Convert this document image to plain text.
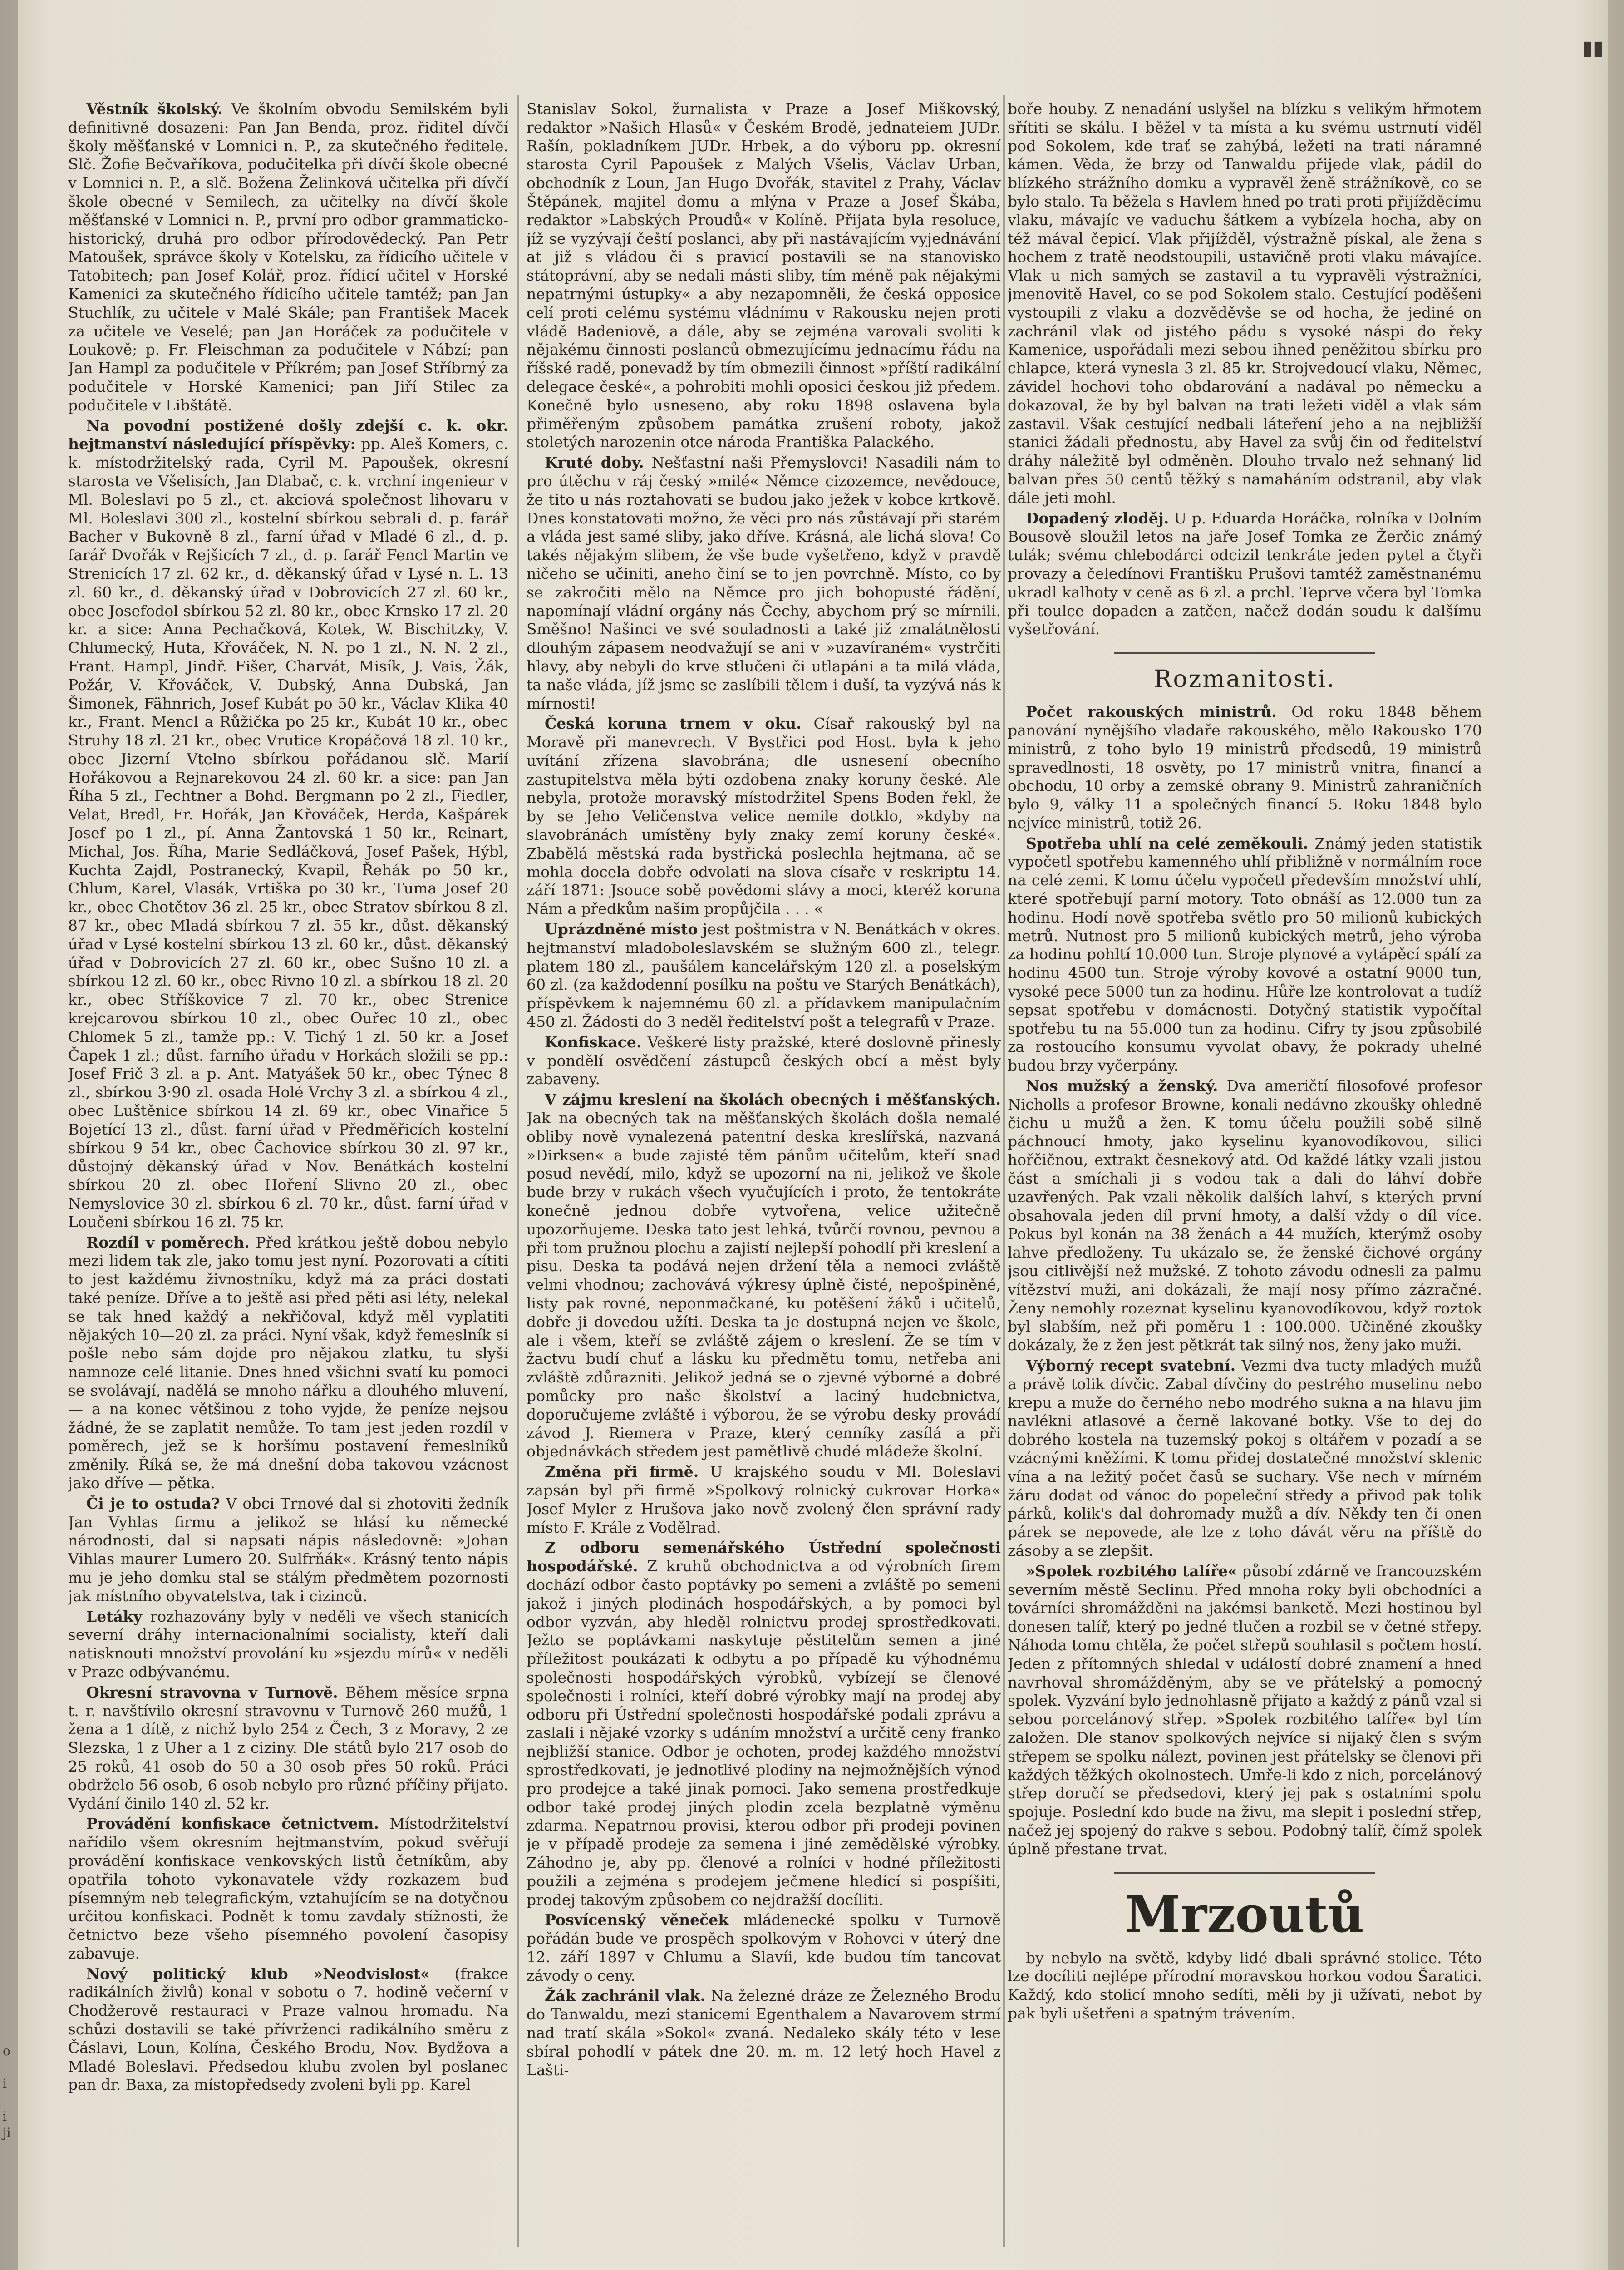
▮▮
o

i

i
ji

Věstník školský. Ve školním obvodu Semilském byli definitivně dosazeni: Pan Jan Benda, proz. řiditel dívčí školy měšťanské v Lomnici n. P., za skutečného ředitele. Slč. Žofie Bečvaříkova, podučitelka při dívčí škole obecné v Lomnici n. P., a slč. Božena Želinková učitelka při dívčí škole obecné v Semilech, za učitelky na dívčí škole měšťanské v Lomnici n. P., první pro odbor grammaticko-historický, druhá pro odbor přírodovědecký. Pan Petr Matoušek, správce školy v Kotelsku, za řídicího učitele v Tatobitech; pan Josef Kolář, proz. řídicí učitel v Horské Kamenici za skutečného řídicího učitele tamtéž; pan Jan Stuchlík, zu učitele v Malé Skále; pan František Macek za učitele ve Veselé; pan Jan Horáček za podučitele v Loukově; p. Fr. Fleischman za podučitele v Nábzí; pan Jan Hampl za podučitele v Příkrém; pan Josef Stříbrný za podučitele v Horské Kamenici; pan Jiří Stilec za podučitele v Libštátě.

Na povodní postižené došly zdejší c. k. okr. hejtmanství následující příspěvky: pp. Aleš Komers, c. k. místodržitelský rada, Cyril M. Papoušek, okresní starosta ve Všelisích, Jan Dlabač, c. k. vrchní ingenieur v Ml. Boleslavi po 5 zl., ct. akciová společnost lihovaru v Ml. Boleslavi 300 zl., kostelní sbírkou sebrali d. p. farář Bacher v Bukovně 8 zl., farní úřad v Mladé 6 zl., d. p. farář Dvořák v Rejšicích 7 zl., d. p. farář Fencl Martin ve Strenicích 17 zl. 62 kr., d. děkanský úřad v Lysé n. L. 13 zl. 60 kr., d. děkanský úřad v Dobrovicích 27 zl. 60 kr., obec Josefodol sbírkou 52 zl. 80 kr., obec Krnsko 17 zl. 20 kr. a sice: Anna Pechačková, Kotek, W. Bischitzky, V. Chlumecký, Huta, Křováček, N. N. po 1 zl., N. N. 2 zl., Frant. Hampl, Jindř. Fišer, Charvát, Misík, J. Vais, Žák, Požár, V. Křováček, V. Dubský, Anna Dubská, Jan Šimonek, Fähnrich, Josef Kubát po 50 kr., Václav Klika 40 kr., Frant. Mencl a Růžička po 25 kr., Kubát 10 kr., obec Struhy 18 zl. 21 kr., obec Vrutice Kropáčová 18 zl. 10 kr., obec Jizerní Vtelno sbírkou pořádanou slč. Marií Hořákovou a Rejnarekovou 24 zl. 60 kr. a sice: pan Jan Říha 5 zl., Fechtner a Bohd. Bergmann po 2 zl., Fiedler, Velat, Bredl, Fr. Hořák, Jan Křováček, Herda, Kašpárek Josef po 1 zl., pí. Anna Žantovská 1 50 kr., Reinart, Michal, Jos. Říha, Marie Sedláčková, Josef Pašek, Hýbl, Kuchta Zajdl, Postranecký, Kvapil, Řehák po 50 kr., Chlum, Karel, Vlasák, Vrtiška po 30 kr., Tuma Josef 20 kr., obec Chotětov 36 zl. 25 kr., obec Stratov sbírkou 8 zl. 87 kr., obec Mladá sbírkou 7 zl. 55 kr., důst. děkanský úřad v Lysé kostelní sbírkou 13 zl. 60 kr., důst. děkanský úřad v Dobrovicích 27 zl. 60 kr., obec Sušno 10 zl. a sbírkou 12 zl. 60 kr., obec Rivno 10 zl. a sbírkou 18 zl. 20 kr., obec Stříškovice 7 zl. 70 kr., obec Strenice krejcarovou sbírkou 10 zl., obec Ouřec 10 zl., obec Chlomek 5 zl., tamže pp.: V. Tichý 1 zl. 50 kr. a Josef Čapek 1 zl.; důst. farního úřadu v Horkách složili se pp.: Josef Frič 3 zl. a p. Ant. Matyášek 50 kr., obec Týnec 8 zl., sbírkou 3·90 zl. osada Holé Vrchy 3 zl. a sbírkou 4 zl., obec Luštěnice sbírkou 14 zl. 69 kr., obec Vinařice 5 Bojetící 13 zl., důst. farní úřad v Předměřicích kostelní sbírkou 9 54 kr., obec Čachovice sbírkou 30 zl. 97 kr., důstojný děkanský úřad v Nov. Benátkách kostelní sbírkou 20 zl. obec Hoření Slivno 20 zl., obec Nemyslovice 30 zl. sbírkou 6 zl. 70 kr., důst. farní úřad v Loučeni sbírkou 16 zl. 75 kr.

Rozdíl v poměrech. Před krátkou ještě dobou nebylo mezi lidem tak zle, jako tomu jest nyní. Pozorovati a cítiti to jest každému živnostníku, když má za práci dostati také peníze. Dříve a to ještě asi před pěti asi léty, nelekal se tak hned každý a nekřičoval, když měl vyplatiti nějakých 10—20 zl. za práci. Nyní však, když řemeslník si pošle nebo sám dojde pro nějakou zlatku, tu slyší namnoze celé litanie. Dnes hned všichni svatí ku pomoci se svolávají, nadělá se mnoho nářku a dlouhého mluvení, — a na konec většinou z toho vyjde, že peníze nejsou žádné, že se zaplatit nemůže. To tam jest jeden rozdíl v poměrech, jež se k horšímu postavení řemeslníků změnily. Říká se, že má dnešní doba takovou vzácnost jako dříve — pětka.

Či je to ostuda? V obci Trnové dal si zhotoviti žedník Jan Vyhlas firmu a jelikož se hlásí ku německé národnosti, dal si napsati nápis následovně: »Johan Vihlas maurer Lumero 20. Sulfrňák«. Krásný tento nápis mu je jeho domku stal se stálým předmětem pozornosti jak místního obyvatelstva, tak i cizinců.

Letáky rozhazovány byly v neděli ve všech stanicích severní dráhy internacionalními socialisty, kteří dali natisknouti množství provolání ku »sjezdu mírů« v neděli v Praze odbývanému.

Okresní stravovna v Turnově. Během měsíce srpna t. r. navštívilo okresní stravovnu v Turnově 260 mužů, 1 žena a 1 dítě, z nichž bylo 254 z Čech, 3 z Moravy, 2 ze Slezska, 1 z Uher a 1 z ciziny. Dle států bylo 217 osob do 25 roků, 41 osob do 50 a 30 osob přes 50 roků. Práci obdrželo 56 osob, 6 osob nebylo pro různé příčiny přijato. Vydání činilo 140 zl. 52 kr.

Provádění konfiskace četnictvem. Místodržitelství nařídilo všem okresním hejtmanstvím, pokud svěřují provádění konfiskace venkovských listů četníkům, aby opatřila tohoto vykonavatele vždy rozkazem buď písemným neb telegrafickým, vztahujícím se na dotyčnou určitou konfiskaci. Podnět k tomu zavdaly stížnosti, že četnictvo beze všeho písemného povolení časopisy zabavuje.

Nový politický klub »Neodvislost« (frakce radikálních živlů) konal v sobotu o 7. hodině večerní v Chodžerově restauraci v Praze valnou hromadu. Na schůzi dostavili se také přívrženci radikálního směru z Čáslavi, Loun, Kolína, Českého Brodu, Nov. Bydžova a Mladé Boleslavi. Předsedou klubu zvolen byl poslanec pan dr. Baxa, za místopředsedy zvoleni byli pp. Karel

Stanislav Sokol, žurnalista v Praze a Josef Miškovský, redaktor »Našich Hlasů« v Českém Brodě, jednateiem JUDr. Rašín, pokladníkem JUDr. Hrbek, a do výboru pp. okresní starosta Cyril Papoušek z Malých Všelis, Václav Urban, obchodník z Loun, Jan Hugo Dvořák, stavitel z Prahy, Václav Štěpánek, majitel domu a mlýna v Praze a Josef Škába, redaktor »Labských Proudů« v Kolíně. Přijata byla resoluce, jíž se vyzývají čeští poslanci, aby při nastávajícím vyjednávání at již s vládou či s pravicí postavili se na stanovisko státoprávní, aby se nedali másti sliby, tím méně pak nějakými nepatrnými ústupky« a aby nezapomněli, že česká opposice celí proti celému systému vládnímu v Rakousku nejen proti vládě Badeniově, a dále, aby se zejména varovali svoliti k nějakému činnosti poslanců obmezujícímu jednacímu řádu na říšské radě, ponevadž by tím obmezili činnost »příští radikální delegace české«, a pohrobiti mohli oposici českou již předem. Konečně bylo usneseno, aby roku 1898 oslavena byla přiměřeným způsobem památka zrušení roboty, jakož stoletých narozenin otce národa Františka Palackého.

Kruté doby. Nešťastní naši Přemyslovci! Nasadili nám to pro útěchu v ráj český »milé« Němce cizozemce, nevědouce, že tito u nás roztahovati se budou jako ježek v kobce krtkově. Dnes konstatovati možno, že věci pro nás zůstávají při starém a vláda jest samé sliby, jako dříve. Krásná, ale lichá slova! Co takés nějakým slibem, že vše bude vyšetřeno, když v pravdě ničeho se učiniti, aneho činí se to jen povrchně. Místo, co by se zakročiti mělo na Němce pro jich bohopusté řádění, napomínají vládní orgány nás Čechy, abychom prý se mírnili. Směšno! Našinci ve své souladnosti a také již zmalátnělosti dlouhým zápasem neodvažují se ani v »uzavíraném« vystrčiti hlavy, aby nebyli do krve stlučeni či utlapáni a ta milá vláda, ta naše vláda, jíž jsme se zaslíbili tělem i duší, ta vyzývá nás k mírnosti!

Česká koruna trnem v oku. Císař rakouský byl na Moravě při manevrech. V Bystřici pod Host. byla k jeho uvítání zřízena slavobrána; dle usnesení obecního zastupitelstva měla býti ozdobena znaky koruny české. Ale nebyla, protože moravský místodržitel Spens Boden řekl, že by se Jeho Veličenstva velice nemile dotklo, »kdyby na slavobránách umístěny byly znaky zemí koruny české«. Zbabělá městská rada bystřická poslechla hejtmana, ač se mohla docela dobře odvolati na slova císaře v reskriptu 14. září 1871: Jsouce sobě povědomi slávy a moci, kteréž koruna Nám a předkům našim propůjčila . . . «

Uprázdněné místo jest poštmistra v N. Benátkách v okres. hejtmanství mladoboleslavském se služným 600 zl., telegr. platem 180 zl., paušálem kancelářským 120 zl. a poselským 60 zl. (za každodenní posílku na poštu ve Starých Benátkách), příspěvkem k najemnému 60 zl. a přídavkem manipulačním 450 zl. Žádosti do 3 neděl ředitelství pošt a telegrafů v Praze.

Konfiskace. Veškeré listy pražské, které doslovně přinesly v pondělí osvědčení zástupců českých obcí a měst byly zabaveny.

V zájmu kreslení na školách obecných i měšťanských. Jak na obecných tak na měšťanských školách došla nemalé obliby nově vynalezená patentní deska kreslířská, nazvaná »Dirksen« a bude zajisté těm pánům učitelům, kteří snad posud nevědí, milo, když se upozorní na ni, jelikož ve škole bude brzy v rukách všech vyučujících i proto, že tentokráte konečně jednou dobře vytvořena, velice užitečně upozorňujeme. Deska tato jest lehká, tvůrčí rovnou, pevnou a při tom pružnou plochu a zajistí nejlepší pohodlí při kreslení a pisu. Deska ta podává nejen držení těla a nemoci zvláště velmi vhodnou; zachovává výkresy úplně čisté, nepošpiněné, listy pak rovné, neponmačkané, ku potěšení žáků i učitelů, dobře ji dovedou užíti. Deska ta je dostupná nejen ve škole, ale i všem, kteří se zvláště zájem o kreslení. Že se tím v žactvu budí chuť a lásku ku předmětu tomu, netřeba ani zvláště zdůrazniti. Jelikož jedná se o zjevné výborné a dobré pomůcky pro naše školství a laciný hudebnictva, doporučujeme zvláště i výborou, že se výrobu desky provádí závod J. Riemera v Praze, který cenníky zasílá a při objednávkách středem jest pamětlivě chudé mládeže školní.

Změna při firmě. U krajského soudu v Ml. Boleslavi zapsán byl při firmě »Spolkový rolnický cukrovar Horka« Josef Myler z Hrušova jako nově zvolený člen správní rady místo F. Krále z Vodělrad.

Z odboru semenářského Ústřední společnosti hospodářské. Z kruhů obchodnictva a od výrobních firem dochází odbor často poptávky po semeni a zvláště po semeni jakož i jiných plodinách hospodářských, a by pomoci byl odbor vyzván, aby hleděl rolnictvu prodej sprostředkovati. Ježto se poptávkami naskytuje pěstitelům semen a jiné příležitost poukázati k odbytu a po případě ku výhodnému společnosti hospodářských výrobků, vybízejí se členové společnosti i rolníci, kteří dobré výrobky mají na prodej aby odboru při Ústřední společnosti hospodářské podali zprávu a zaslali i nějaké vzorky s udáním množství a určitě ceny franko nejbližší stanice. Odbor je ochoten, prodej každého množství sprostředkovati, je jednotlivé plodiny na nejmožnějších výnod pro prodejce a také jinak pomoci. Jako semena prostředkuje odbor také prodej jiných plodin zcela bezplatně výměnu zdarma. Nepatrnou provisi, kterou odbor při prodeji povinen je v případě prodeje za semena i jiné zemědělské výrobky. Záhodno je, aby pp. členové a rolníci v hodné příležitosti použili a zejména s prodejem ječmene hledící si pospíšiti, prodej takovým způsobem co nejdražší docíliti.

Posvícenský věneček mládenecké spolku v Turnově pořádán bude ve prospěch spolkovým v Rohovci v úterý dne 12. září 1897 v Chlumu a Slavíi, kde budou tím tancovat závody o ceny.

Žák zachránil vlak. Na železné dráze ze Železného Brodu do Tanwaldu, mezi stanicemi Egenthalem a Navarovem strmí nad tratí skála »Sokol« zvaná. Nedaleko skály této v lese sbíral pohodlí v pátek dne 20. m. m. 12 letý hoch Havel z Lašti-

boře houby. Z nenadání uslyšel na blízku s velikým hřmotem sřítiti se skálu. I běžel v ta místa a ku svému ustrnutí viděl pod Sokolem, kde trať se zahýbá, ležeti na trati náramné kámen. Věda, že brzy od Tanwaldu přijede vlak, pádil do blízkého strážního domku a vypravěl ženě strážníkově, co se bylo stalo. Ta běžela s Havlem hned po trati proti přijížděcímu vlaku, mávajíc ve vaduchu šátkem a vybízela hocha, aby on též mával čepicí. Vlak přijížděl, výstražně pískal, ale žena s hochem z tratě neodstoupili, ustavičně proti vlaku mávajíce. Vlak u nich samých se zastavil a tu vypravěli výstražníci, jmenovitě Havel, co se pod Sokolem stalo. Cestující poděšeni vystoupili z vlaku a dozvěděvše se od hocha, že jediné on zachránil vlak od jistého pádu s vysoké náspi do řeky Kamenice, uspořádali mezi sebou ihned peněžitou sbírku pro chlapce, která vynesla 3 zl. 85 kr. Strojvedoucí vlaku, Němec, závidel hochovi toho obdarování a nadával po německu a dokazoval, že by byl balvan na trati ležeti viděl a vlak sám zastavil. Však cestující nedbali láteření jeho a na nejbližší stanici žádali přednostu, aby Havel za svůj čin od ředitelství dráhy náležitě byl odměněn. Dlouho trvalo než sehnaný lid balvan přes 50 centů těžký s namaháním odstranil, aby vlak dále jeti mohl.

Dopadený zloděj. U p. Eduarda Horáčka, rolníka v Dolním Bousově sloužil letos na jaře Josef Tomka ze Žerčic známý tulák; svému chlebodárci odcizil tenkráte jeden pytel a čtyři provazy a čeledínovi Františku Prušovi tamtéž zaměstnanému ukradl kalhoty v ceně as 6 zl. a prchl. Teprve včera byl Tomka při toulce dopaden a zatčen, načež dodán soudu k dalšímu vyšetřování.

Rozmanitosti.

Počet rakouských ministrů. Od roku 1848 během panování nynějšího vladaře rakouského, mělo Rakousko 170 ministrů, z toho bylo 19 ministrů předsedů, 19 ministrů spravedlnosti, 18 osvěty, po 17 ministrů vnitra, financí a obchodu, 10 orby a zemské obrany 9. Ministrů zahraničních bylo 9, války 11 a společných financí 5. Roku 1848 bylo nejvíce ministrů, totiž 26.

Spotřeba uhlí na celé zeměkouli. Známý jeden statistik vypočetl spotřebu kamenného uhlí přibližně v normálním roce na celé zemi. K tomu účelu vypočetl především množství uhlí, které spotřebují parní motory. Toto obnáší as 12.000 tun za hodinu. Hodí nově spotřeba světlo pro 50 milionů kubických metrů. Nutnost pro 5 milionů kubických metrů, jeho výroba za hodinu pohltí 10.000 tun. Stroje plynové a vytápěcí spálí za hodinu 4500 tun. Stroje výroby kovové a ostatní 9000 tun, vysoké pece 5000 tun za hodinu. Hůře lze kontrolovat a tudíž sepsat spotřebu v domácnosti. Dotyčný statistik vypočítal spotřebu tu na 55.000 tun za hodinu. Cifry ty jsou způsobilé za rostoucího konsumu vyvolat obavy, že pokrady uhelné budou brzy vyčerpány.

Nos mužský a ženský. Dva američtí filosofové profesor Nicholls a profesor Browne, konali nedávno zkoušky ohledně čichu u mužů a žen. K tomu účelu použili sobě silně páchnoucí hmoty, jako kyselinu kyanovodíkovou, silici hořčičnou, extrakt česnekový atd. Od každé látky vzali jistou část a smíchali ji s vodou tak a dali do láhví dobře uzavřených. Pak vzali několik dalších lahví, s kterých první obsahovala jeden díl první hmoty, a další vždy o díl více. Pokus byl konán na 38 ženách a 44 mužích, kterýmž osoby lahve předloženy. Tu ukázalo se, že ženské čichové orgány jsou citlivější než mužské. Z tohoto závodu odnesli za palmu vítězství muži, ani dokázali, že mají nosy přímo zázračné. Ženy nemohly rozeznat kyselinu kyanovodíkovou, když roztok byl slabším, než při poměru 1 : 100.000. Učiněné zkoušky dokázaly, že z žen jest pětkrát tak silný nos, ženy jako muži.

Výborný recept svatební. Vezmi dva tucty mladých mužů a právě tolik dívčic. Zabal dívčiny do pestrého muselinu nebo krepu a muže do černého nebo modrého sukna a na hlavu jim navlékni atlasové a černě lakované botky. Vše to dej do dobrého kostela na tuzemský pokoj s oltářem v pozadí a se vzácnými kněžími. K tomu přidej dostatečné množství sklenic vína a na ležitý počet časů se suchary. Vše nech v mírném žáru dodat od vánoc do popeleční středy a přivod pak tolik párků, kolik's dal dohromady mužů a dív. Někdy ten či onen párek se nepovede, ale lze z toho dávát věru na příště do zásoby a se zlepšit.

»Spolek rozbitého talíře« působí zdárně ve francouzském severním městě Seclinu. Před mnoha roky byli obchodníci a továrníci shromážděni na jakémsi banketě. Mezi hostinou byl donesen talíř, který po jedné tlučen a rozbil se v četné střepy. Náhoda tomu chtěla, že počet střepů souhlasil s počtem hostí. Jeden z přítomných shledal v událostí dobré znamení a hned navrhoval shromážděným, aby se ve přátelský a pomocný spolek. Vyzvání bylo jednohlasně přijato a každý z pánů vzal si sebou porcelánový střep. »Spolek rozbitého talíře« byl tím založen. Dle stanov spolkových nejvíce si nijaký člen s svým střepem se spolku nálezt, povinen jest přátelsky se členovi při každých těžkých okolnostech. Umře-li kdo z nich, porcelánový střep doručí se předsedovi, který jej pak s ostatními spolu spojuje. Poslední kdo bude na živu, ma slepit i poslední střep, načež jej spojený do rakve s sebou. Podobný talíř, čímž spolek úplně přestane trvat.

Mrzoutů

by nebylo na světě, kdyby lidé dbali správné stolice. Této lze docíliti nejlépe přírodní moravskou horkou vodou Šaratici. Každý, kdo stolicí mnoho sedíti, měli by ji užívati, nebot by pak byli ušetřeni a spatným trávením.
